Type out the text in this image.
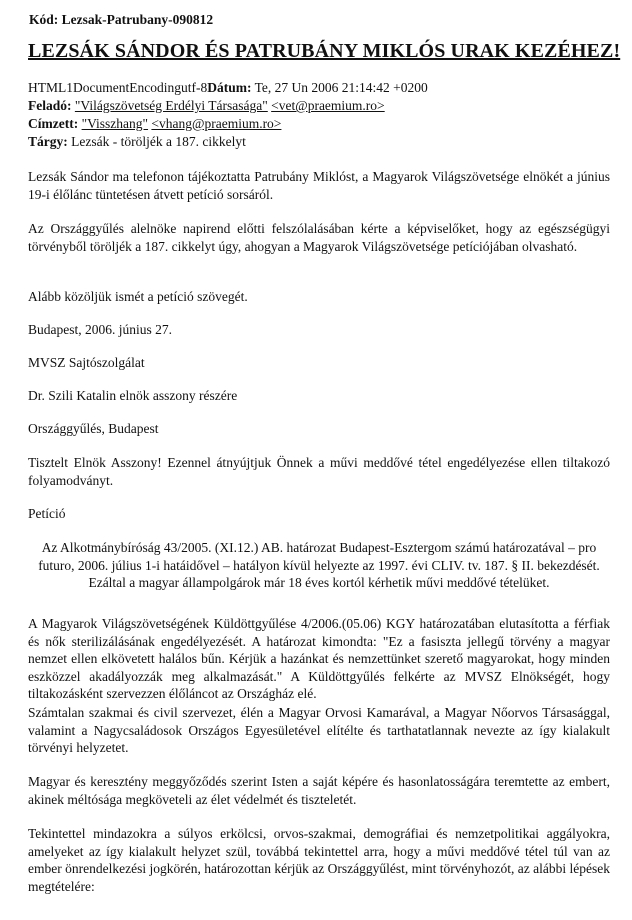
Kód: Lezsak-Patrubany-090812
LEZSÁK SÁNDOR ÉS PATRUBÁNY MIKLÓS URAK KEZÉHEZ!
HTML1DocumentEncodingutf-8Dátum: Te, 27 Un 2006 21:14:42 +0200
Feladó: "Világszövetség Erdélyi Társasága" <vet@praemium.ro>
Címzett: "Visszhang" <vhang@praemium.ro>
Tárgy: Lezsák - töröljék a 187. cikkelyt
Lezsák Sándor ma telefonon tájékoztatta Patrubány Miklóst, a Magyarok Világszövetsége elnökét a június 19-i élőlánc tüntetésen átvett petíció sorsáról.
Az Országgyűlés alelnöke napirend előtti felszólalásában kérte a képviselőket, hogy az egészségügyi törvényből töröljék a 187. cikkelyt úgy, ahogyan a Magyarok Világszövetsége petíciójában olvasható.
Alább közöljük ismét a petíció szövegét.
Budapest, 2006. június 27.
MVSZ Sajtószolgálat
Dr. Szili Katalin elnök asszony részére
Országgyűlés, Budapest
Tisztelt Elnök Asszony! Ezennel átnyújtjuk Önnek a művi meddővé tétel engedélyezése ellen tiltakozó folyamodványt.
Petíció
Az Alkotmánybíróság 43/2005. (XI.12.) AB. határozat Budapest-Esztergom számú határozatával – pro futuro, 2006. július 1-i hatáidővel – hatályon kívül helyezte az 1997. évi CLIV. tv. 187. § II. bekezdését. Ezáltal a magyar állampolgárok már 18 éves kortól kérhetik művi meddővé tételüket.
A Magyarok Világszövetségének Küldöttgyűlése 4/2006.(05.06) KGY határozatában elutasította a férfiak és nők sterilizálásának engedélyezését. A határozat kimondta: "Ez a fasiszta jellegű törvény a magyar nemzet ellen elkövetett halálos bűn. Kérjük a hazánkat és nemzettünket szerető magyarokat, hogy minden eszközzel akadályozzák meg alkalmazását." A Küldöttgyűlés felkérte az MVSZ Elnökségét, hogy tiltakozásként szervezzen élőláncot az Országház elé.
Számtalan szakmai és civil szervezet, élén a Magyar Orvosi Kamarával, a Magyar Nőorvos Társasággal, valamint a Nagycsaládosok Országos Egyesületével elítélte és tarthatatlannak nevezte az így kialakult törvényi helyzetet.
Magyar és keresztény meggyőződés szerint Isten a saját képére és hasonlatosságára teremtette az embert, akinek méltósága megköveteli az élet védelmét és tiszteletét.
Tekintettel mindazokra a súlyos erkölcsi, orvos-szakmai, demográfiai és nemzetpolitikai aggályokra, amelyeket az így kialakult helyzet szül, továbbá tekintettel arra, hogy a művi meddővé tétel túl van az ember önrendelkezési jogkörén, határozottan kérjük az Országgyűlést, mint törvényhozót, az alábbi lépések megtételére:
